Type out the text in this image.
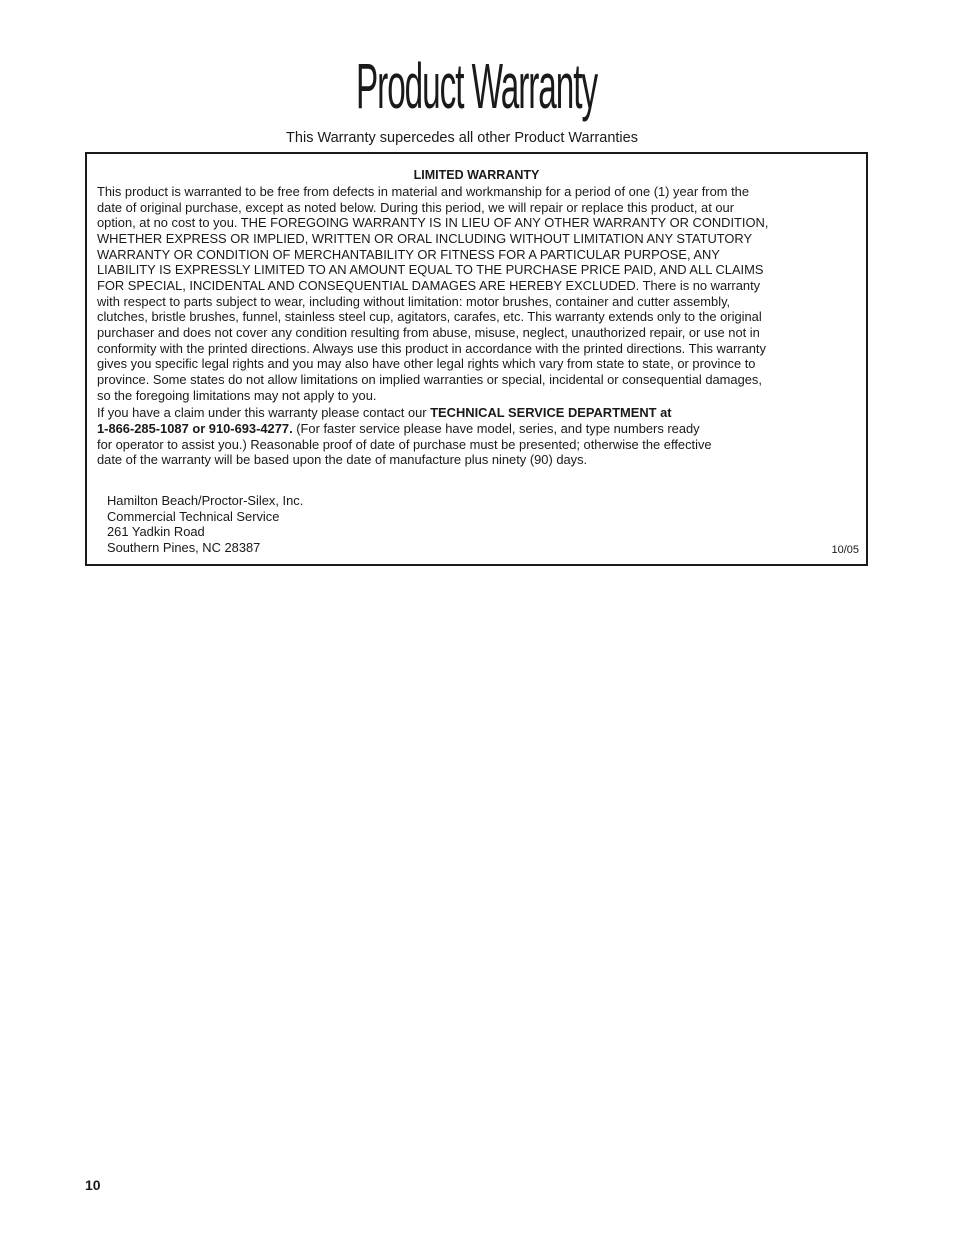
Product Warranty
This Warranty supercedes all other Product Warranties
LIMITED WARRANTY

This product is warranted to be free from defects in material and workmanship for a period of one (1) year from the
date of original purchase, except as noted below. During this period, we will repair or replace this product, at our
option, at no cost to you. THE FOREGOING WARRANTY IS IN LIEU OF ANY OTHER WARRANTY OR CONDITION,
WHETHER EXPRESS OR IMPLIED, WRITTEN OR ORAL INCLUDING WITHOUT LIMITATION ANY STATUTORY
WARRANTY OR CONDITION OF MERCHANTABILITY OR FITNESS FOR A PARTICULAR PURPOSE, ANY
LIABILITY IS EXPRESSLY LIMITED TO AN AMOUNT EQUAL TO THE PURCHASE PRICE PAID, AND ALL CLAIMS
FOR SPECIAL, INCIDENTAL AND CONSEQUENTIAL DAMAGES ARE HEREBY EXCLUDED. There is no warranty
with respect to parts subject to wear, including without limitation: motor brushes, container and cutter assembly,
clutches, bristle brushes, funnel, stainless steel cup, agitators, carafes, etc. This warranty extends only to the original
purchaser and does not cover any condition resulting from abuse, misuse, neglect, unauthorized repair, or use not in
conformity with the printed directions. Always use this product in accordance with the printed directions. This warranty
gives you specific legal rights and you may also have other legal rights which vary from state to state, or province to
province. Some states do not allow limitations on implied warranties or special, incidental or consequential damages,
so the foregoing limitations may not apply to you.

If you have a claim under this warranty please contact our TECHNICAL SERVICE DEPARTMENT at
1-866-285-1087 or 910-693-4277. (For faster service please have model, series, and type numbers ready
for operator to assist you.) Reasonable proof of date of purchase must be presented; otherwise the effective
date of the warranty will be based upon the date of manufacture plus ninety (90) days.

Hamilton Beach/Proctor-Silex, Inc.
Commercial Technical Service
261 Yadkin Road
Southern Pines, NC 28387	10/05
10
